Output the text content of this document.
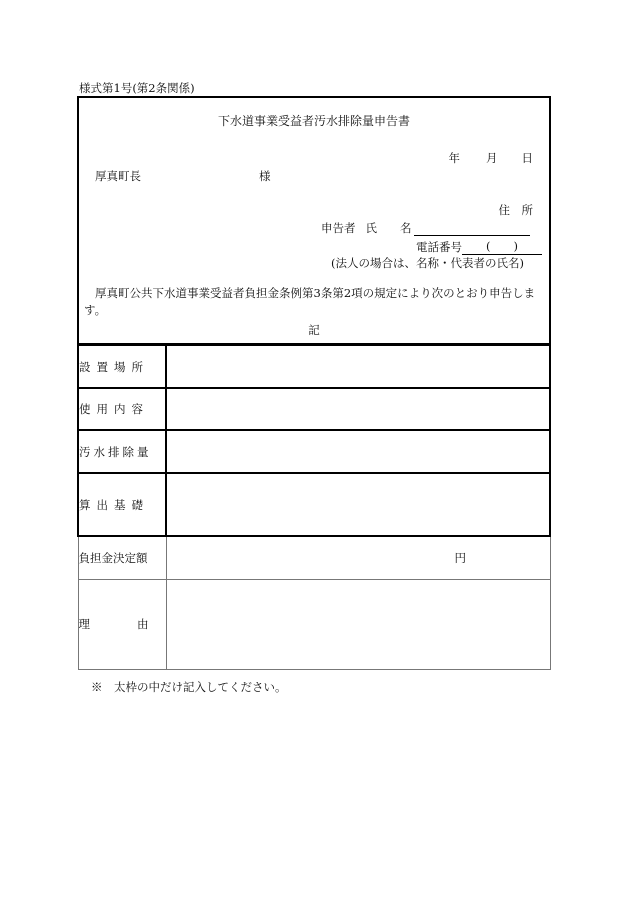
様式第1号(第2条関係)
下水道事業受益者汚水排除量申告書
年 月 日
厚真町長	様
住　所
申告者 氏　　名
電話番号 (　　)
(法人の場合は、名称・代表者の氏名)
厚真町公共下水道事業受益者負担金条例第3条第2項の規定により次のとおり申告します。
記
設置場所	
使用内容	
汚水排除量	
算出基礎	
負担金決定額	円

理 由	

※　太枠の中だけ記入してください。
